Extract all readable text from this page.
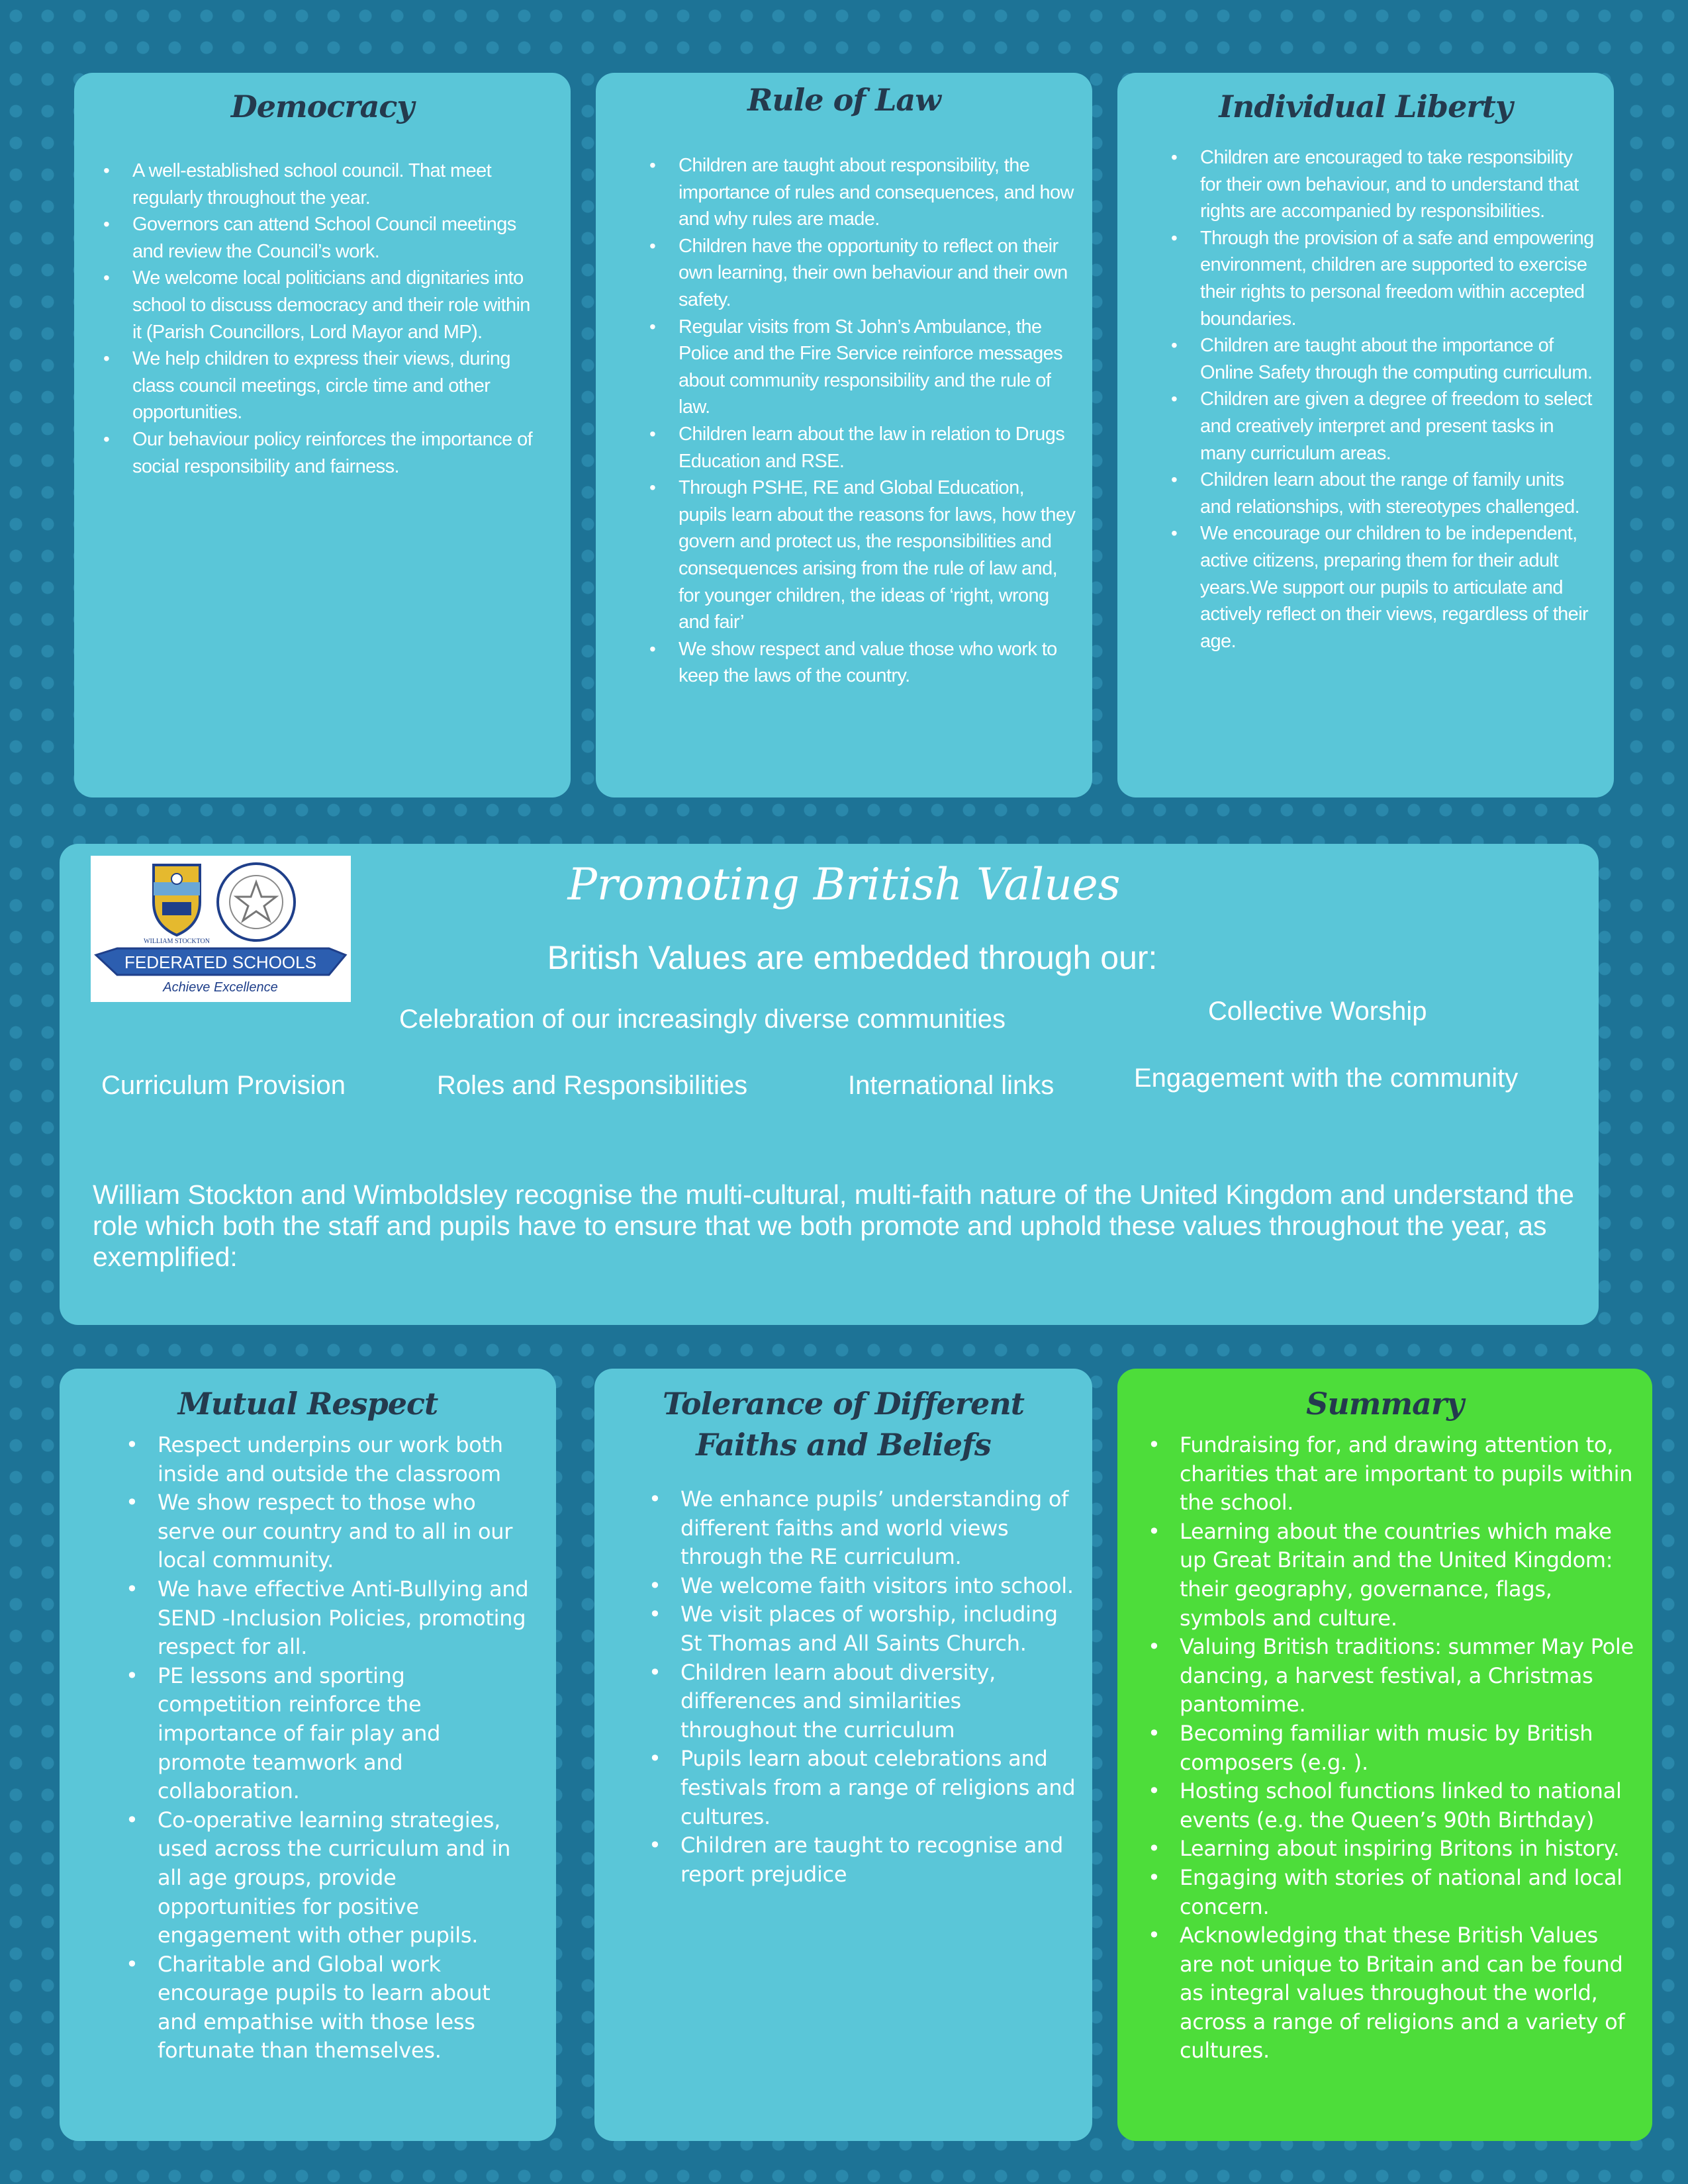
Democracy
• A well-established school council. That meet regularly throughout the year.
• Governors can attend School Council meetings and review the Council’s work.
• We welcome local politicians and dignitaries into school to discuss democracy and their role within it (Parish Councillors, Lord Mayor and MP).
• We help children to express their views, during class council meetings, circle time and other opportunities.
• Our behaviour policy reinforces the importance of social responsibility and fairness.
Rule of Law
• Children are taught about responsibility, the importance of rules and consequences, and how and why rules are made.
• Children have the opportunity to reflect on their own learning, their own behaviour and their own safety.
• Regular visits from St John’s Ambulance, the Police and the Fire Service reinforce messages about community responsibility and the rule of law.
• Children learn about the law in relation to Drugs Education and RSE.
• Through PSHE, RE and Global Education, pupils learn about the reasons for laws, how they govern and protect us, the responsibilities and consequences arising from the rule of law and, for younger children, the ideas of ‘right, wrong and fair’
• We show respect and value those who work to keep the laws of the country.
Individual Liberty
• Children are encouraged to take responsibility for their own behaviour, and to understand that rights are accompanied by responsibilities.
• Through the provision of a safe and empowering environment, children are supported to exercise their rights to personal freedom within accepted boundaries.
• Children are taught about the importance of Online Safety through the computing curriculum.
• Children are given a degree of freedom to select and creatively interpret and present tasks in many curriculum areas.
• Children learn about the range of family units and relationships, with stereotypes challenged.
• We encourage our children to be independent, active citizens, preparing them for their adult years.We support our pupils to articulate and actively reflect on their views, regardless of their age.
FEDERATED SCHOOLS
Achieve Excellence
WILLIAM STOCKTON
Promoting British Values
British Values are embedded through our:
Celebration of our increasingly diverse communities	Collective Worship
Curriculum Provision	Roles and Responsibilities	International links	Engagement with the community
William Stockton and Wimboldsley recognise the multi-cultural, multi-faith nature of the United Kingdom and understand the role which both the staff and pupils have to ensure that we both promote and uphold these values throughout the year, as exemplified:
Mutual Respect
• Respect underpins our work both inside and outside the classroom
• We show respect to those who serve our country and to all in our local community.
• We have effective Anti-Bullying and SEND -Inclusion Policies, promoting respect for all.
• PE lessons and sporting competition reinforce the importance of fair play and promote teamwork and collaboration.
• Co-operative learning strategies, used across the curriculum and in all age groups, provide opportunities for positive engagement with other pupils.
• Charitable and Global work encourage pupils to learn about and empathise with those less fortunate than themselves.
Tolerance of Different
Faiths and Beliefs
• We enhance pupils’ understanding of different faiths and world views through the RE curriculum.
• We welcome faith visitors into school.
• We visit places of worship, including St Thomas and All Saints Church.
• Children learn about diversity, differences and similarities throughout the curriculum
• Pupils learn about celebrations and festivals from a range of religions and cultures.
• Children are taught to recognise and report prejudice
Summary
• Fundraising for, and drawing attention to, charities that are important to pupils within the school.
• Learning about the countries which make up Great Britain and the United Kingdom: their geography, governance, flags, symbols and culture.
• Valuing British traditions: summer May Pole dancing, a harvest festival, a Christmas pantomime.
• Becoming familiar with music by British composers (e.g. ).
• Hosting school functions linked to national events (e.g. the Queen’s 90th Birthday)
• Learning about inspiring Britons in history.
• Engaging with stories of national and local concern.
• Acknowledging that these British Values are not unique to Britain and can be found as integral values throughout the world, across a range of religions and a variety of cultures.
